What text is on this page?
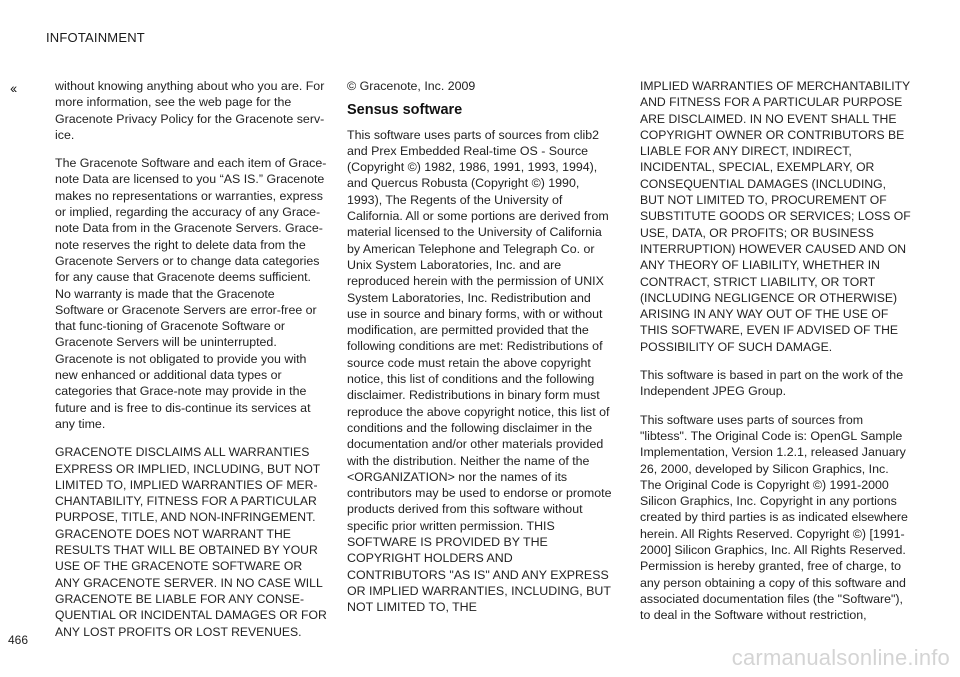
INFOTAINMENT
‹‹	without knowing anything about who you are. For more information, see the web page for the Gracenote Privacy Policy for the Gracenote serv-ice.

The Gracenote Software and each item of Grace-note Data are licensed to you “AS IS.” Gracenote makes no representations or warranties, express or implied, regarding the accuracy of any Grace-note Data from in the Gracenote Servers. Grace-note reserves the right to delete data from the Gracenote Servers or to change data categories for any cause that Gracenote deems sufficient. No warranty is made that the Gracenote Software or Gracenote Servers are error-free or that func-tioning of Gracenote Software or Gracenote Servers will be uninterrupted. Gracenote is not obligated to provide you with new enhanced or additional data types or categories that Grace-note may provide in the future and is free to dis-continue its services at any time.

GRACENOTE DISCLAIMS ALL WARRANTIES EXPRESS OR IMPLIED, INCLUDING, BUT NOT LIMITED TO, IMPLIED WARRANTIES OF MER-CHANTABILITY, FITNESS FOR A PARTICULAR PURPOSE, TITLE, AND NON-INFRINGEMENT. GRACENOTE DOES NOT WARRANT THE RESULTS THAT WILL BE OBTAINED BY YOUR USE OF THE GRACENOTE SOFTWARE OR ANY GRACENOTE SERVER. IN NO CASE WILL GRACENOTE BE LIABLE FOR ANY CONSE-QUENTIAL OR INCIDENTAL DAMAGES OR FOR ANY LOST PROFITS OR LOST REVENUES.

© Gracenote, Inc. 2009

Sensus software

This software uses parts of sources from clib2 and Prex Embedded Real-time OS - Source (Copyright ©) 1982, 1986, 1991, 1993, 1994), and Quercus Robusta (Copyright ©) 1990, 1993), The Regents of the University of California. All or some portions are derived from material licensed to the University of California by American Telephone and Telegraph Co. or Unix System Laboratories, Inc. and are reproduced herein with the permission of UNIX System Laboratories, Inc. Redistribution and use in source and binary forms, with or without modification, are permitted provided that the following conditions are met: Redistributions of source code must retain the above copyright notice, this list of conditions and the following disclaimer. Redistributions in binary form must reproduce the above copyright notice, this list of conditions and the following disclaimer in the documentation and/or other materials provided with the distribution. Neither the name of the <ORGANIZATION> nor the names of its contributors may be used to endorse or promote products derived from this software without specific prior written permission. THIS SOFTWARE IS PROVIDED BY THE COPYRIGHT HOLDERS AND CONTRIBUTORS "AS IS" AND ANY EXPRESS OR IMPLIED WARRANTIES, INCLUDING, BUT NOT LIMITED TO, THE

IMPLIED WARRANTIES OF MERCHANTABILITY AND FITNESS FOR A PARTICULAR PURPOSE ARE DISCLAIMED. IN NO EVENT SHALL THE COPYRIGHT OWNER OR CONTRIBUTORS BE LIABLE FOR ANY DIRECT, INDIRECT, INCIDENTAL, SPECIAL, EXEMPLARY, OR CONSEQUENTIAL DAMAGES (INCLUDING, BUT NOT LIMITED TO, PROCUREMENT OF SUBSTITUTE GOODS OR SERVICES; LOSS OF USE, DATA, OR PROFITS; OR BUSINESS INTERRUPTION) HOWEVER CAUSED AND ON ANY THEORY OF LIABILITY, WHETHER IN CONTRACT, STRICT LIABILITY, OR TORT (INCLUDING NEGLIGENCE OR OTHERWISE) ARISING IN ANY WAY OUT OF THE USE OF THIS SOFTWARE, EVEN IF ADVISED OF THE POSSIBILITY OF SUCH DAMAGE.

This software is based in part on the work of the Independent JPEG Group.

This software uses parts of sources from "libtess". The Original Code is: OpenGL Sample Implementation, Version 1.2.1, released January 26, 2000, developed by Silicon Graphics, Inc. The Original Code is Copyright ©) 1991-2000 Silicon Graphics, Inc. Copyright in any portions created by third parties is as indicated elsewhere herein. All Rights Reserved. Copyright ©) [1991-2000] Silicon Graphics, Inc. All Rights Reserved. Permission is hereby granted, free of charge, to any person obtaining a copy of this software and associated documentation files (the "Software"), to deal in the Software without restriction,

466
carmanualsonline.info
